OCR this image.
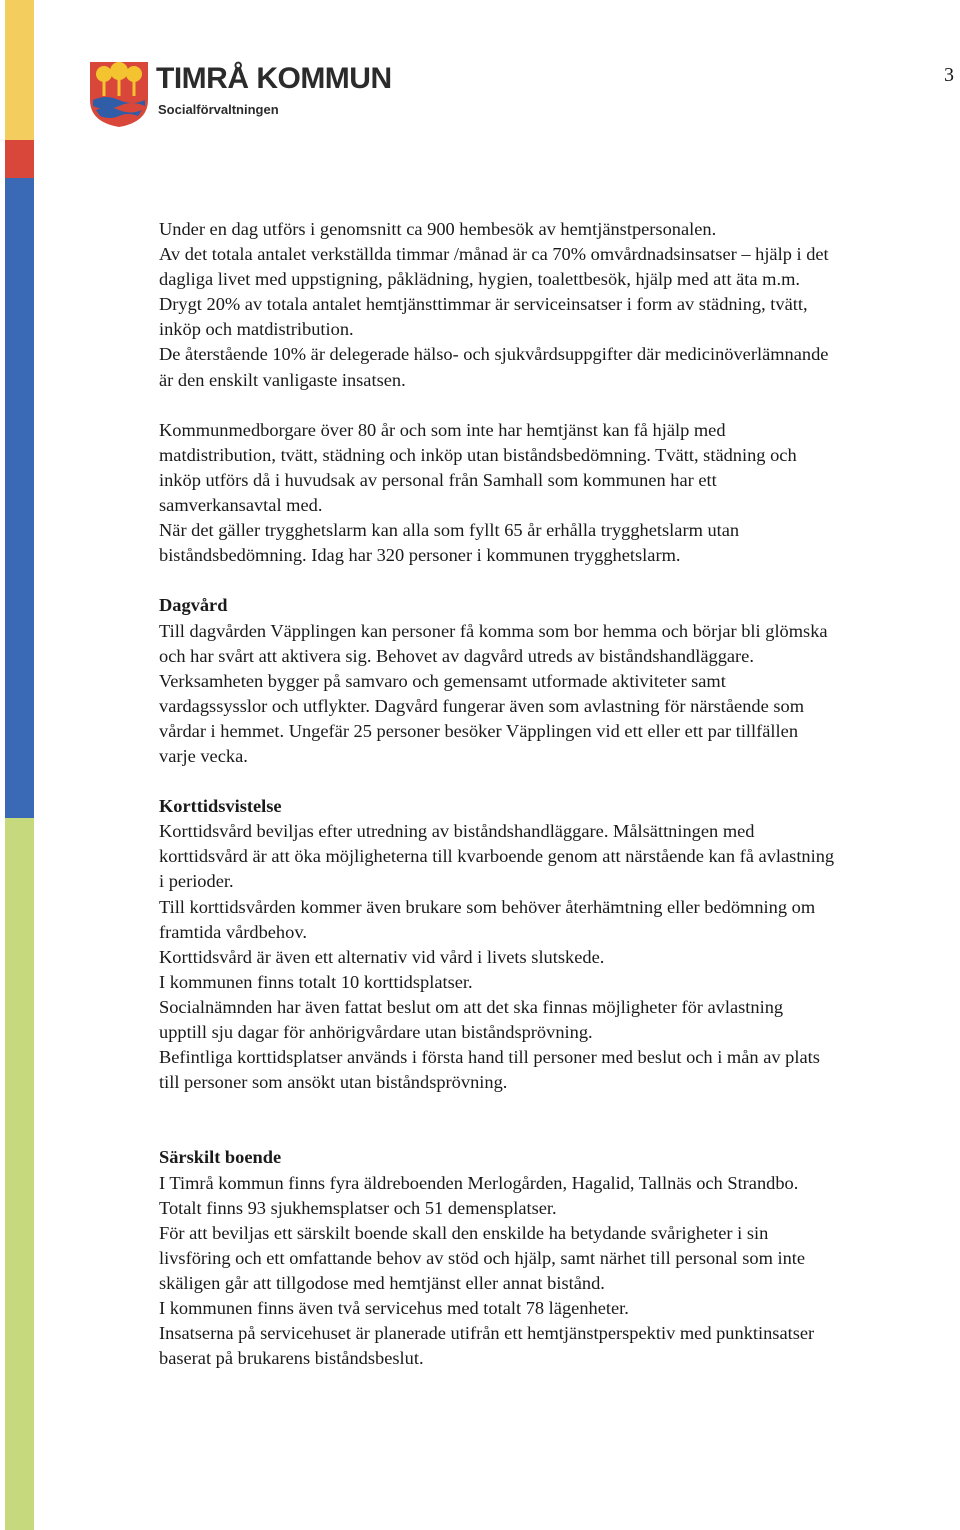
3
TIMRÅ KOMMUN
Socialförvaltningen

Under en dag utförs i genomsnitt ca 900 hembesök av hemtjänstpersonalen.

Av det totala antalet verkställda timmar /månad är ca 70% omvårdnadsinsatser – hjälp i det

dagliga livet med uppstigning, påklädning, hygien, toalettbesök, hjälp med att äta m.m.

Drygt 20% av totala antalet hemtjänsttimmar är serviceinsatser i form av städning, tvätt,

inköp och matdistribution.

De återstående 10% är delegerade hälso- och sjukvårdsuppgifter där medicinöverlämnande

är den enskilt vanligaste insatsen.

Kommunmedborgare över 80 år och som inte har hemtjänst kan få hjälp med

matdistribution, tvätt, städning och inköp utan biståndsbedömning. Tvätt, städning och

inköp utförs då i huvudsak av personal från Samhall som kommunen har ett

samverkansavtal med.

När det gäller trygghetslarm kan alla som fyllt 65 år erhålla trygghetslarm utan

biståndsbedömning. Idag har 320 personer i kommunen trygghetslarm.

Dagvård

Till dagvården Väpplingen kan personer få komma som bor hemma och börjar bli glömska

och har svårt att aktivera sig. Behovet av dagvård utreds av biståndshandläggare.

Verksamheten bygger på samvaro och gemensamt utformade aktiviteter samt

vardagssysslor och utflykter. Dagvård fungerar även som avlastning för närstående som

vårdar i hemmet. Ungefär 25 personer besöker Väpplingen vid ett eller ett par tillfällen

varje vecka.

Korttidsvistelse

Korttidsvård beviljas efter utredning av biståndshandläggare. Målsättningen med

korttidsvård är att öka möjligheterna till kvarboende genom att närstående kan få avlastning

i perioder.

Till korttidsvården kommer även brukare som behöver återhämtning eller bedömning om

framtida vårdbehov.

Korttidsvård är även ett alternativ vid vård i livets slutskede.

I kommunen finns totalt 10 korttidsplatser.

Socialnämnden har även fattat beslut om att det ska finnas möjligheter för avlastning

upptill sju dagar för anhörigvårdare utan biståndsprövning.

Befintliga korttidsplatser används i första hand till personer med beslut och i mån av plats

till personer som ansökt utan biståndsprövning.

Särskilt boende

I Timrå kommun finns fyra äldreboenden Merlogården, Hagalid, Tallnäs och Strandbo.

Totalt finns 93 sjukhemsplatser och 51 demensplatser.

För att beviljas ett särskilt boende skall den enskilde ha betydande svårigheter i sin

livsföring och ett omfattande behov av stöd och hjälp, samt närhet till personal som inte

skäligen går att tillgodose med hemtjänst eller annat bistånd.

I kommunen finns även två servicehus med totalt 78 lägenheter.

Insatserna på servicehuset är planerade utifrån ett hemtjänstperspektiv med punktinsatser

baserat på brukarens biståndsbeslut.
